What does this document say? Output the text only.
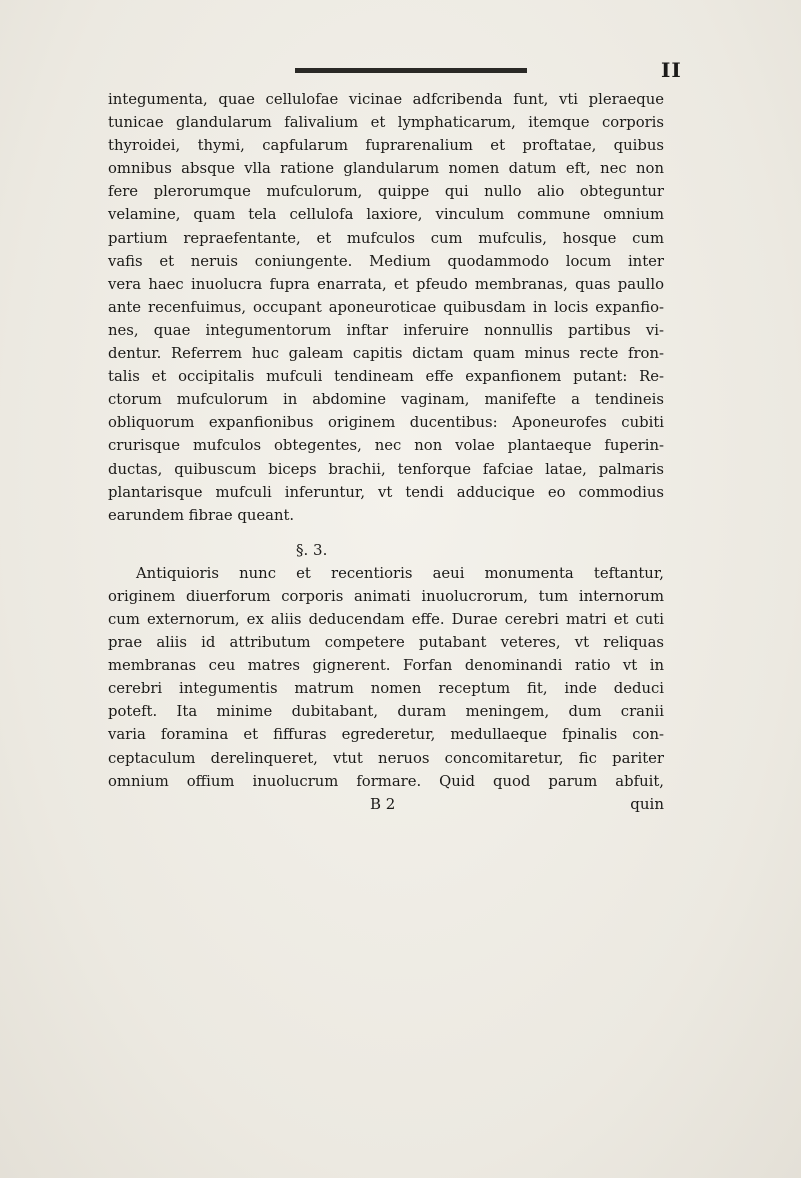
II
integumenta, quae cellulofae vicinae adfcribenda funt, vti pleraeque
tunicae glandularum falivalium et lymphaticarum, itemque corporis
thyroidei, thymi, capfularum fuprarenalium et proftatae, quibus
omnibus absque vlla ratione glandularum nomen datum eft, nec non
fere plerorumque mufculorum, quippe qui nullo alio obteguntur
velamine, quam tela cellulofa laxiore, vinculum commune omnium
partium repraefentante, et mufculos cum mufculis, hosque cum
vafis et neruis coniungente. Medium quodammodo locum inter
vera haec inuolucra fupra enarrata, et pfeudo membranas, quas paullo
ante recenfuimus, occupant aponeuroticae quibusdam in locis expanfio-
nes, quae integumentorum inftar inferuire nonnullis partibus vi-
dentur. Referrem huc galeam capitis dictam quam minus recte fron-
talis et occipitalis mufculi tendineam effe expanfionem putant: Re-
ctorum mufculorum in abdomine vaginam, manifefte a tendineis
obliquorum expanfionibus originem ducentibus: Aponeurofes cubiti
crurisque mufculos obtegentes, nec non volae plantaeque fuperin-
ductas, quibuscum biceps brachii, tenforque fafciae latae, palmaris
plantarisque mufculi inferuntur, vt tendi adducique eo commodius
earundem fibrae queant.
§. 3.
Antiquioris nunc et recentioris aeui monumenta teftantur,
originem diuerforum corporis animati inuolucrorum, tum internorum
cum externorum, ex aliis deducendam effe. Durae cerebri matri et cuti
prae aliis id attributum competere putabant veteres, vt reliquas
membranas ceu matres gignerent. Forfan denominandi ratio vt in
cerebri integumentis matrum nomen receptum fit, inde deduci
poteft. Ita minime dubitabant, duram meningem, dum cranii
varia foramina et fiffuras egrederetur, medullaeque fpinalis con-
ceptaculum derelinqueret, vtut neruos concomitaretur, fic pariter
omnium offium inuolucrum formare. Quid quod parum abfuit,
B 2	quin
